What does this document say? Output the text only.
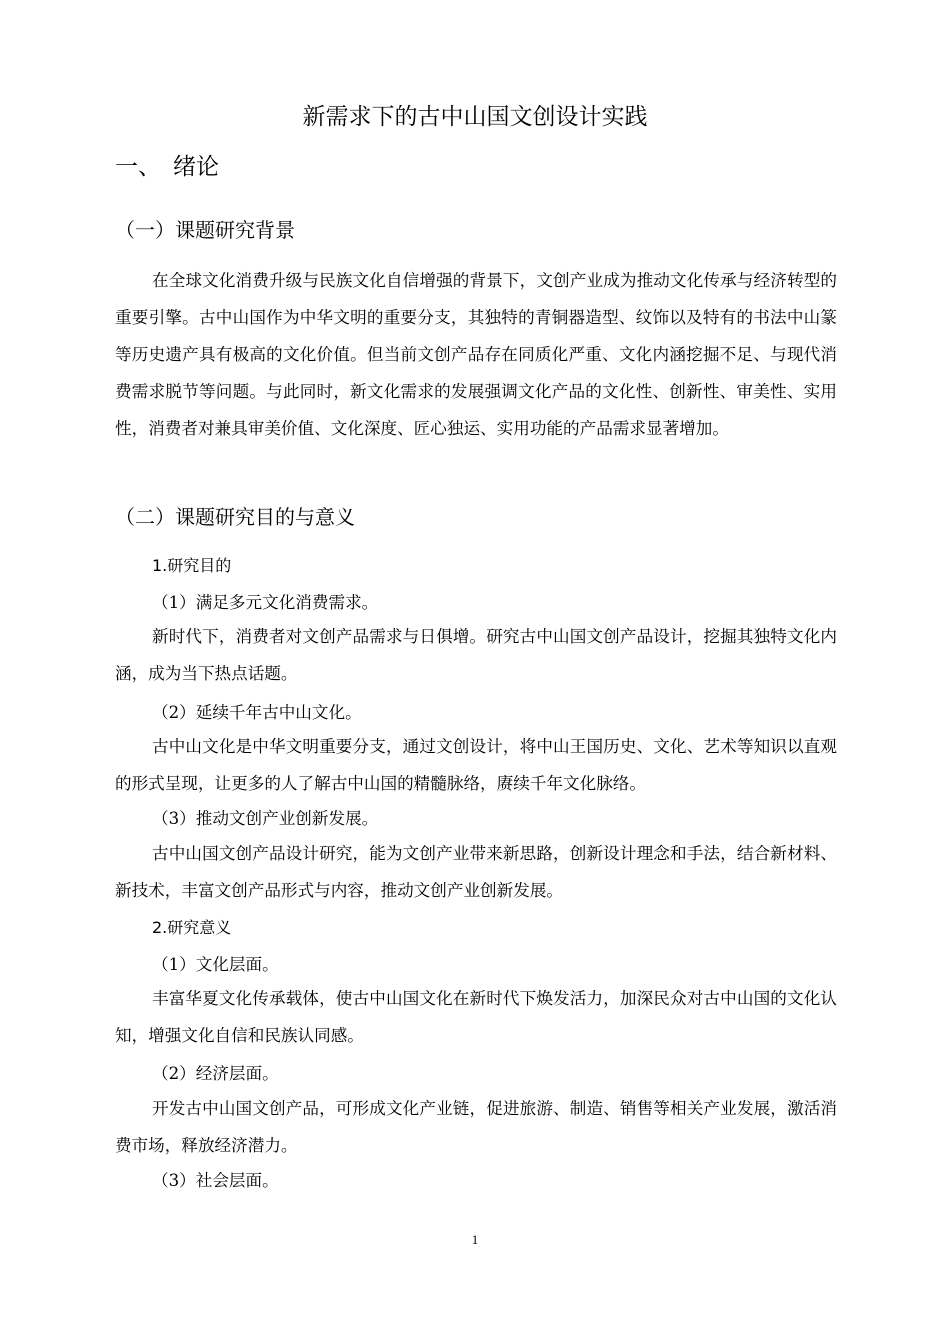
新需求下的古中山国文创设计实践
一、 绪论
（一）课题研究背景

在全球文化消费升级与民族文化自信增强的背景下，文创产业成为推动文化传承与经济转型的重要引擎。古中山国作为中华文明的重要分支，其独特的青铜器造型、纹饰以及特有的书法中山篆等历史遗产具有极高的文化价值。但当前文创产品存在同质化严重、文化内涵挖掘不足、与现代消费需求脱节等问题。与此同时，新文化需求的发展强调文化产品的文化性、创新性、审美性、实用性，消费者对兼具审美价值、文化深度、匠心独运、实用功能的产品需求显著增加。

（二）课题研究目的与意义
1.研究目的
（1）满足多元文化消费需求。

新时代下，消费者对文创产品需求与日俱增。研究古中山国文创产品设计，挖掘其独特文化内涵，成为当下热点话题。

（2）延续千年古中山文化。

古中山文化是中华文明重要分支，通过文创设计，将中山王国历史、文化、艺术等知识以直观的形式呈现，让更多的人了解古中山国的精髓脉络，赓续千年文化脉络。

（3）推动文创产业创新发展。

古中山国文创产品设计研究，能为文创产业带来新思路，创新设计理念和手法，结合新材料、新技术，丰富文创产品形式与内容，推动文创产业创新发展。

2.研究意义
（1）文化层面。

丰富华夏文化传承载体，使古中山国文化在新时代下焕发活力，加深民众对古中山国的文化认知，增强文化自信和民族认同感。

（2）经济层面。

开发古中山国文创产品，可形成文化产业链，促进旅游、制造、销售等相关产业发展，激活消费市场，释放经济潜力。

（3）社会层面。
1
